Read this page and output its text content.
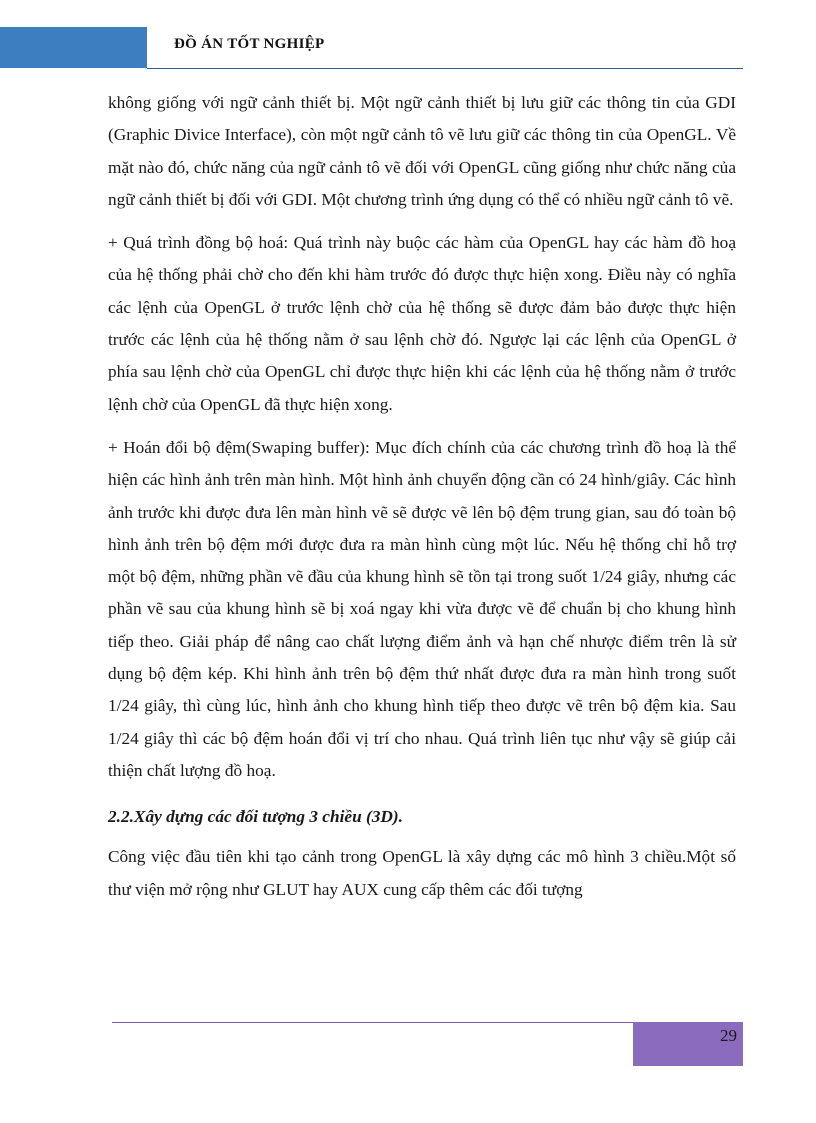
ĐỒ ÁN TỐT NGHIỆP

không giống với ngữ cảnh thiết bị. Một ngữ cảnh thiết bị lưu giữ các thông tin của GDI (Graphic Divice Interface), còn một ngữ cảnh tô vẽ lưu giữ các thông tin của OpenGL. Về mặt nào đó, chức năng của ngữ cảnh tô vẽ đối với OpenGL cũng giống như chức năng của ngữ cảnh thiết bị đối với GDI. Một chương trình ứng dụng có thể có nhiều ngữ cảnh tô vẽ.

+ Quá trình đồng bộ hoá: Quá trình này buộc các hàm của OpenGL hay các hàm đồ hoạ của hệ thống phải chờ cho đến khi hàm trước đó được thực hiện xong. Điều này có nghĩa các lệnh của OpenGL ở trước lệnh chờ của hệ thống sẽ được đảm bảo được thực hiện trước các lệnh của hệ thống nằm ở sau lệnh chờ đó. Ngược lại các lệnh của OpenGL ở phía sau lệnh chờ của OpenGL chỉ được thực hiện khi các lệnh của hệ thống nằm ở trước lệnh chờ của OpenGL đã thực hiện xong.

+ Hoán đổi bộ đệm(Swaping buffer): Mục đích chính của các chương trình đồ hoạ là thể hiện các hình ảnh trên màn hình. Một hình ảnh chuyển động cần có 24 hình/giây. Các hình ảnh trước khi được đưa lên màn hình vẽ sẽ được vẽ lên bộ đệm trung gian, sau đó toàn bộ hình ảnh trên bộ đệm mới được đưa ra màn hình cùng một lúc. Nếu hệ thống chỉ hỗ trợ một bộ đệm, những phần vẽ đầu của khung hình sẽ tồn tại trong suốt 1/24 giây, nhưng các phần vẽ sau của khung hình sẽ bị xoá ngay khi vừa được vẽ để chuẩn bị cho khung hình tiếp theo. Giải pháp để nâng cao chất lượng điểm ảnh và hạn chế nhược điểm trên là sử dụng bộ đệm kép. Khi hình ảnh trên bộ đệm thứ nhất được đưa ra màn hình trong suốt 1/24 giây, thì cùng lúc, hình ảnh cho khung hình tiếp theo được vẽ trên bộ đệm kia. Sau 1/24 giây thì các bộ đệm hoán đổi vị trí cho nhau. Quá trình liên tục như vậy sẽ giúp cải thiện chất lượng đồ hoạ.

2.2.Xây dựng các đối tượng 3 chiều (3D).

Công việc đầu tiên khi tạo cảnh trong OpenGL là xây dựng các mô hình 3 chiều.Một số thư viện mở rộng như GLUT hay AUX cung cấp thêm các đối tượng

29
